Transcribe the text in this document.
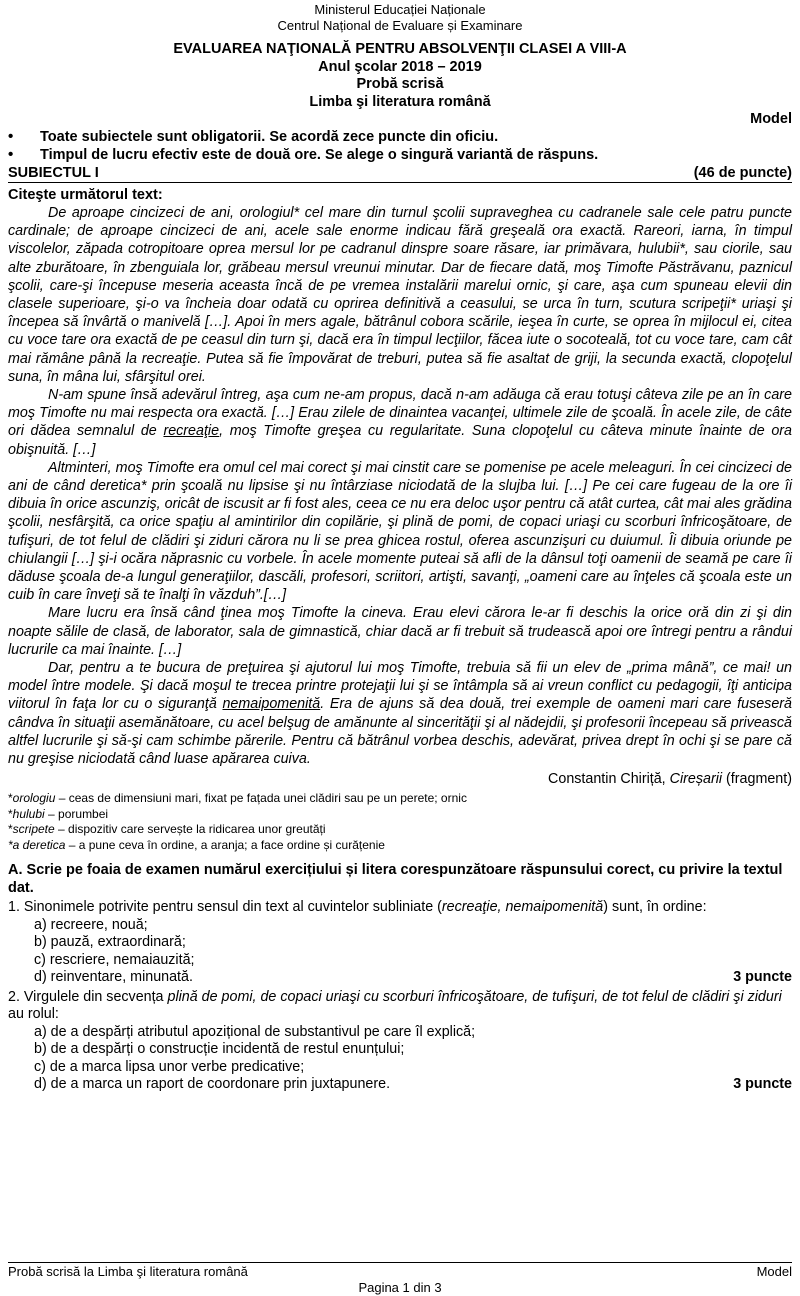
Ministerul Educației Naționale
Centrul Național de Evaluare și Examinare
EVALUAREA NAŢIONALĂ PENTRU ABSOLVENŢII CLASEI A VIII-A
Anul şcolar 2018 – 2019
Probă scrisă
Limba şi literatura română
Model
• Toate subiectele sunt obligatorii. Se acordă zece puncte din oficiu.
• Timpul de lucru efectiv este de două ore. Se alege o singură variantă de răspuns.
SUBIECTUL I	(46 de puncte)
Citeşte următorul text:

De aproape cincizeci de ani, orologiul* cel mare din turnul şcolii supraveghea cu cadranele sale cele patru puncte cardinale; de aproape cincizeci de ani, acele sale enorme indicau fără greşeală ora exactă. Rareori, iarna, în timpul viscolelor, zăpada cotropitoare oprea mersul lor pe cadranul dinspre soare răsare, iar primăvara, hulubii*, sau ciorile, sau alte zburătoare, în zbenguiala lor, grăbeau mersul vreunui minutar. Dar de fiecare dată, moş Timofte Păstrăvanu, paznicul şcolii, care-şi începuse meseria aceasta încă de pe vremea instalării marelui ornic, şi care, aşa cum spuneau elevii din clasele superioare, şi-o va încheia doar odată cu oprirea definitivă a ceasului, se urca în turn, scutura scripeţii* uriaşi şi începea să învârtă o manivelă […]. Apoi în mers agale, bătrânul cobora scările, ieşea în curte, se oprea în mijlocul ei, citea cu voce tare ora exactă de pe ceasul din turn şi, dacă era în timpul lecţiilor, făcea iute o socoteală, tot cu voce tare, cam cât mai rămâne până la recreaţie. Putea să fie împovărat de treburi, putea să fie asaltat de griji, la secunda exactă, clopoţelul suna, în mâna lui, sfârşitul orei.

N-am spune însă adevărul întreg, aşa cum ne-am propus, dacă n-am adăuga că erau totuşi câteva zile pe an în care moş Timofte nu mai respecta ora exactă. […] Erau zilele de dinaintea vacanţei, ultimele zile de şcoală. În acele zile, de câte ori dădea semnalul de recreaţie, moş Timofte greşea cu regularitate. Suna clopoţelul cu câteva minute înainte de ora obişnuită. […]

Altminteri, moş Timofte era omul cel mai corect şi mai cinstit care se pomenise pe acele meleaguri. În cei cincizeci de ani de când deretica* prin şcoală nu lipsise şi nu întârziase niciodată de la slujba lui. […] Pe cei care fugeau de la ore îi dibuia în orice ascunziş, oricât de iscusit ar fi fost ales, ceea ce nu era deloc uşor pentru că atât curtea, cât mai ales grădina şcolii, nesfârşită, ca orice spaţiu al amintirilor din copilărie, şi plină de pomi, de copaci uriaşi cu scorburi înfricoşătoare, de tufişuri, de tot felul de clădiri şi ziduri cărora nu li se prea ghicea rostul, oferea ascunzişuri cu duiumul. Îi dibuia oriunde pe chiulangii […] şi-i ocăra năprasnic cu vorbele. În acele momente puteai să afli de la dânsul toţi oamenii de seamă pe care îi dăduse şcoala de-a lungul generaţiilor, dascăli, profesori, scriitori, artişti, savanţi, „oameni care au înţeles că şcoala este un cuib în care înveţi să te înalţi în văzduh”.[…]

Mare lucru era însă când ţinea moş Timofte la cineva. Erau elevi cărora le-ar fi deschis la orice oră din zi şi din noapte sălile de clasă, de laborator, sala de gimnastică, chiar dacă ar fi trebuit să trudească apoi ore întregi pentru a rândui lucrurile ca mai înainte. […]

Dar, pentru a te bucura de preţuirea şi ajutorul lui moş Timofte, trebuia să fii un elev de „prima mână”, ce mai! un model între modele. Şi dacă moşul te trecea printre protejaţii lui şi se întâmpla să ai vreun conflict cu pedagogii, îţi anticipa viitorul în faţa lor cu o siguranţă nemaipomenită. Era de ajuns să dea două, trei exemple de oameni mari care fuseseră cândva în situaţii asemănătoare, cu acel belşug de amănunte al sincerităţii şi al nădejdii, şi profesorii începeau să privească altfel lucrurile şi să-şi cam schimbe părerile. Pentru că bătrânul vorbea deschis, adevărat, privea drept în ochi şi se pare că nu greşise niciodată când luase apărarea cuiva.

Constantin Chiriță, Cireșarii (fragment)

*orologiu – ceas de dimensiuni mari, fixat pe fațada unei clădiri sau pe un perete; ornic

*hulubi – porumbei

*scripete – dispozitiv care servește la ridicarea unor greutăți

*a deretica – a pune ceva în ordine, a aranja; a face ordine și curățenie

A. Scrie pe foaia de examen numărul exercițiului și litera corespunzătoare răspunsului corect, cu privire la textul dat.
1. Sinonimele potrivite pentru sensul din text al cuvintelor subliniate (recreaţie, nemaipomenită) sunt, în ordine:
a) recreere, nouă;
b) pauză, extraordinară;
c) rescriere, nemaiauzită;
d) reinventare, minunată.	3 puncte
2. Virgulele din secvența plină de pomi, de copaci uriaşi cu scorburi înfricoşătoare, de tufişuri, de tot felul de clădiri şi ziduri au rolul:
a) de a despărți atributul apozițional de substantivul pe care îl explică;
b) de a despărți o construcție incidentă de restul enunțului;
c) de a marca lipsa unor verbe predicative;
d) de a marca un raport de coordonare prin juxtapunere.	3 puncte
Probă scrisă la Limba şi literatura română	Model
Pagina 1 din 3
